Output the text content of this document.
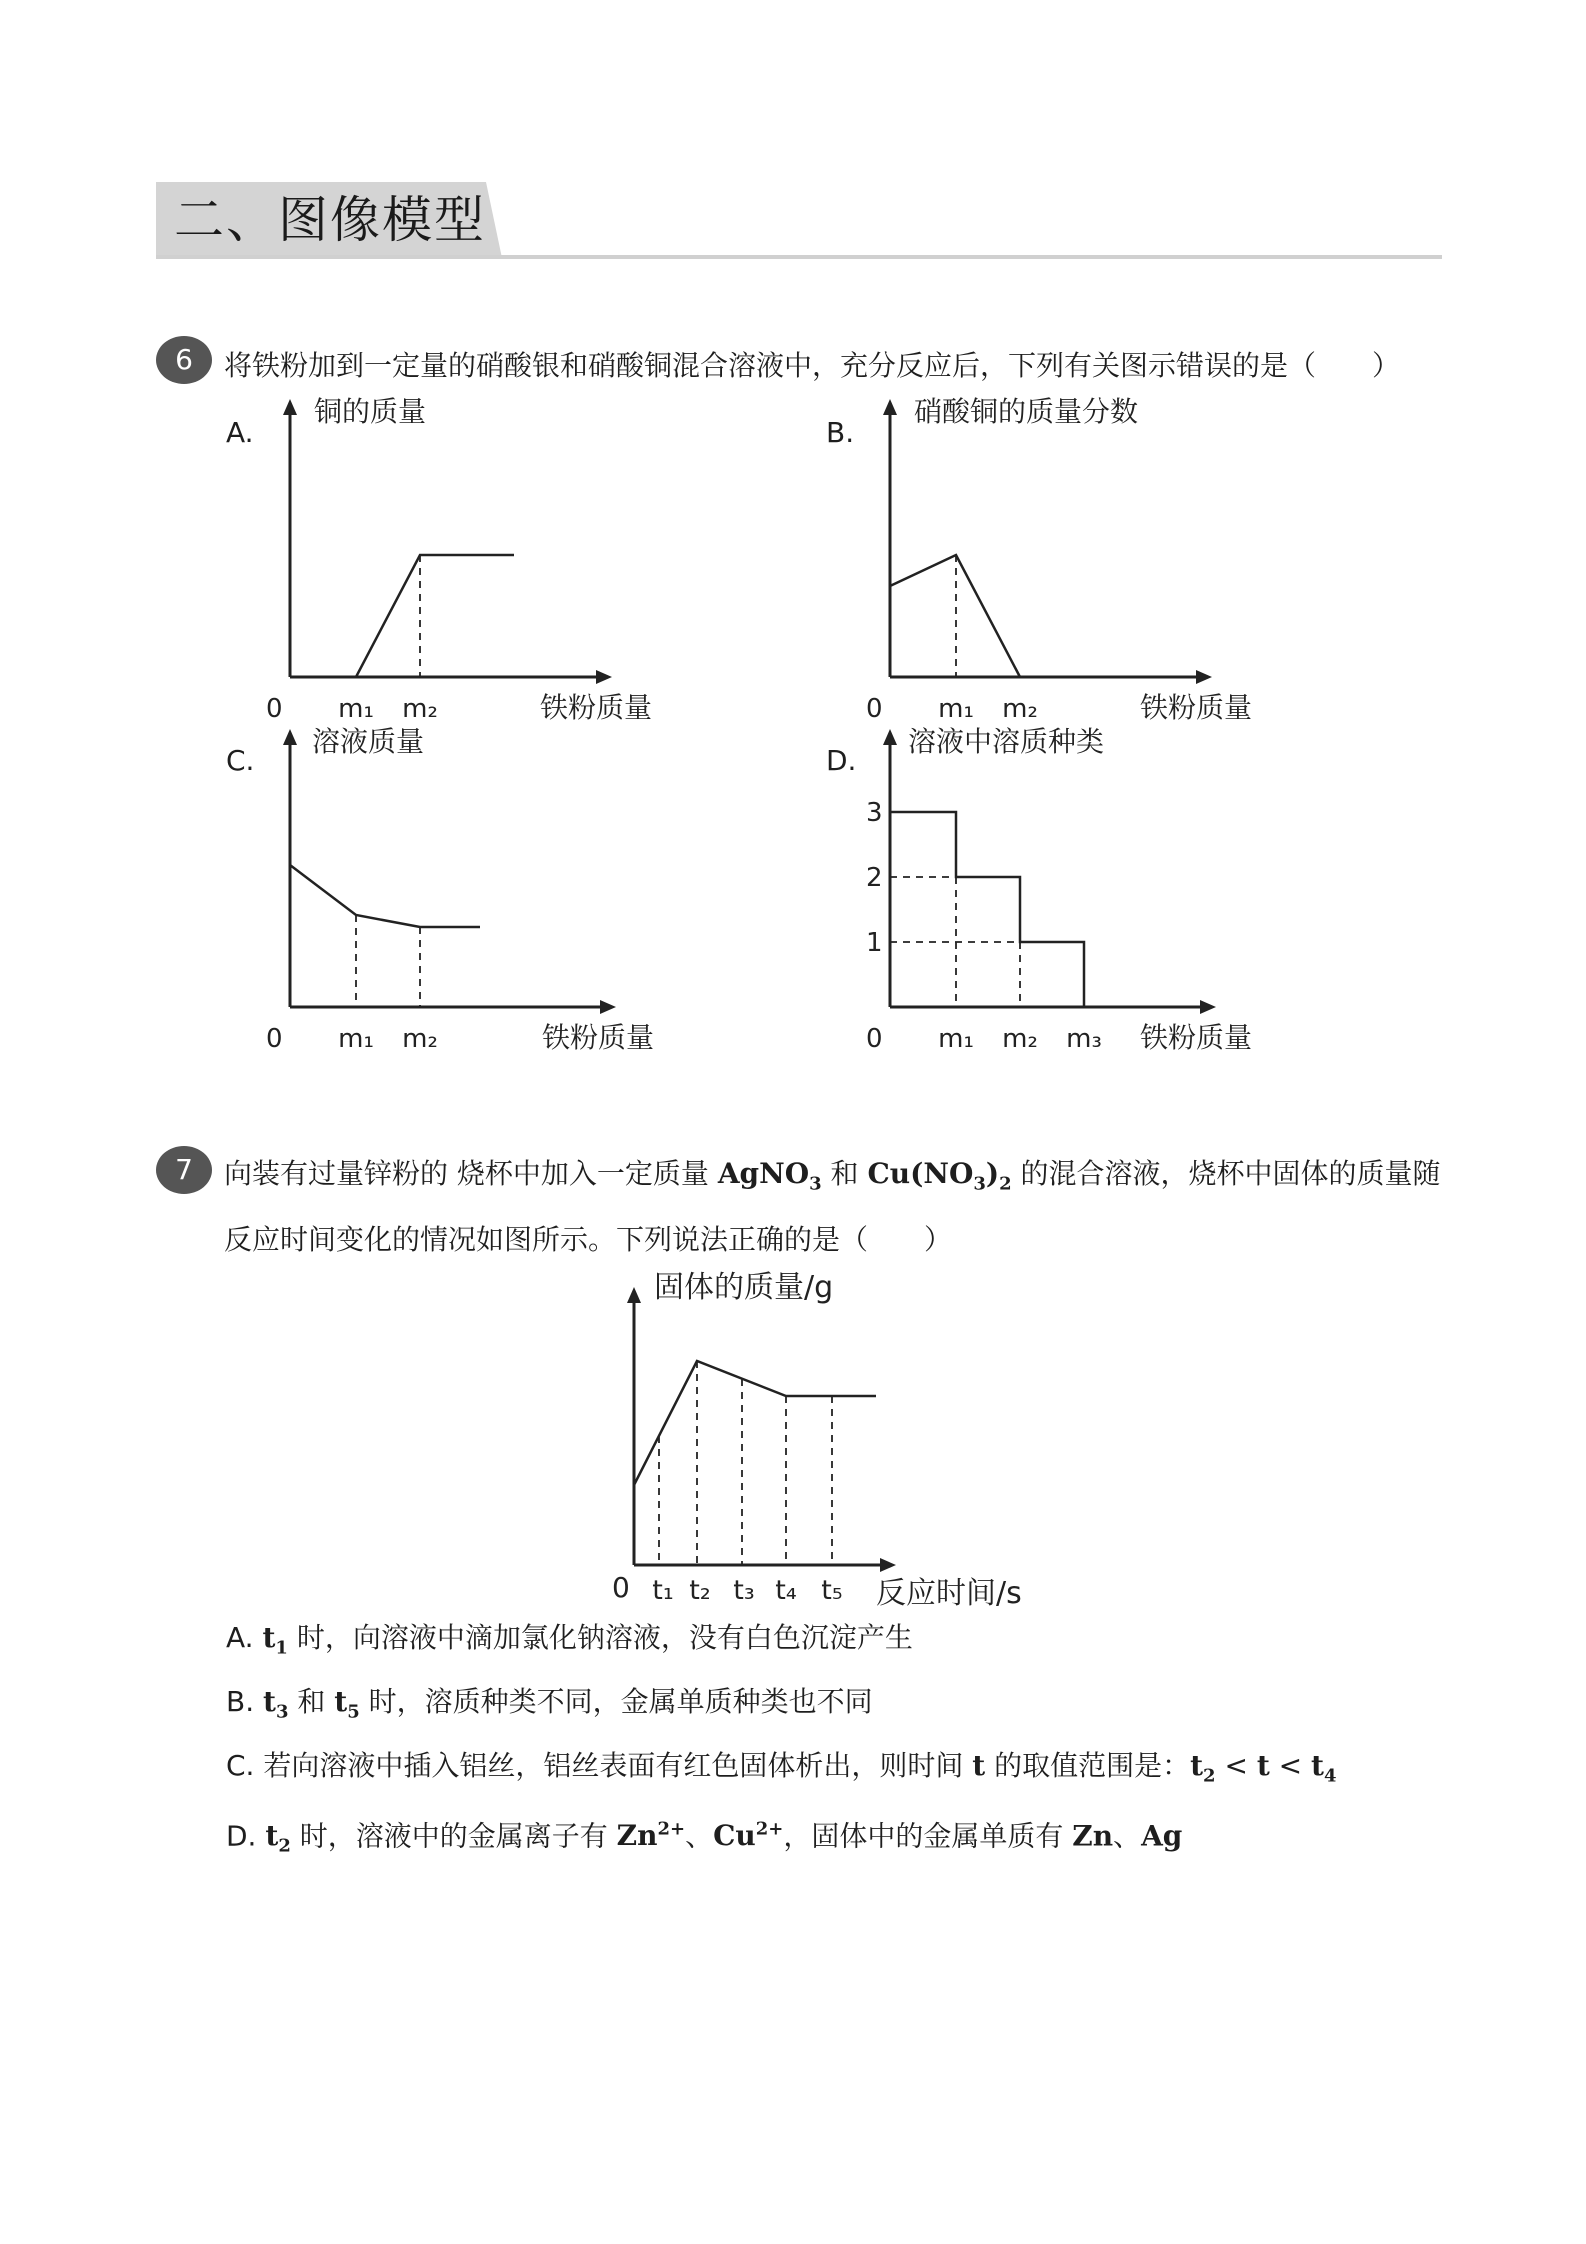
二、图像模型
6	将铁粉加到一定量的硝酸银和硝酸铜混合溶液中，充分反应后，下列有关图示错误的是（　　）
A.
铜的质量
0 m₁ m₂	铁粉质量
B.
硝酸铜的质量分数
0 m₁ m₂	铁粉质量
C.
溶液质量
0 m₁ m₂	铁粉质量
D.
溶液中溶质种类
3
2
1
0 m₁ m₂ m₃ 铁粉质量
7	向装有过量锌粉的 烧杯中加入一定质量 AgNO$_3$ 和 $Cu(NO_3)_2$ 的混合溶液，烧杯中固体的质量随
反应时间变化的情况如图所示。下列说法正确的是（　　）
固体的质量/g
0 t₁ t₂ t₃ t₄ t₅ 反应时间/s
A. $t_1$ 时，向溶液中滴加氯化钠溶液，没有白色沉淀产生
B. $t_3$ 和 $t_5$ 时，溶质种类不同，金属单质种类也不同
C. 若向溶液中插入铝丝，铝丝表面有红色固体析出，则时间 t 的取值范围是：$t_2 < t < t_4$
D. $t_2$ 时，溶液中的金属离子有 $Zn^{2+}$、$Cu^{2+}$，固体中的金属单质有 Zn、Ag
